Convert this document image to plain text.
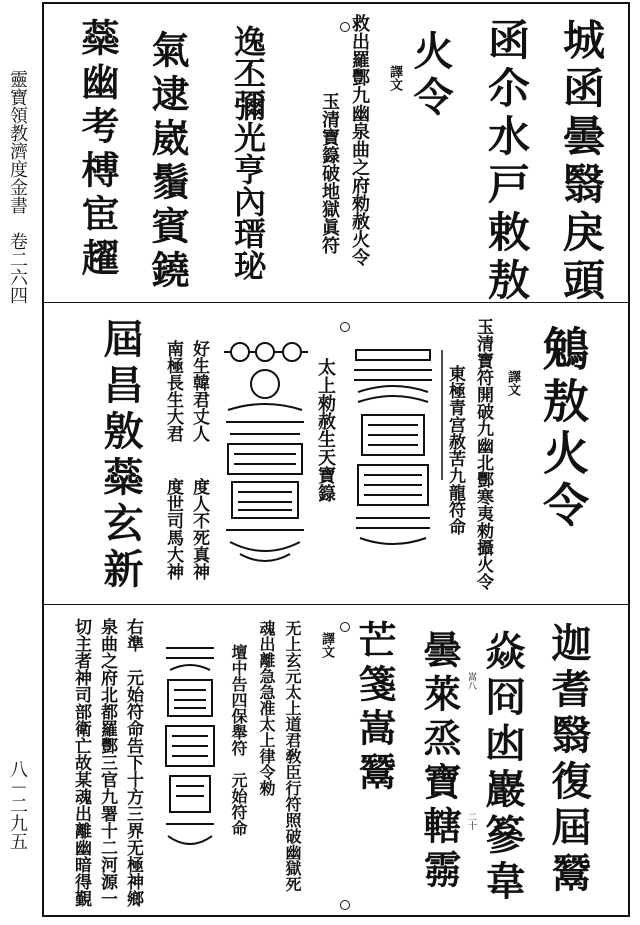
靈寶領教濟度金書　卷二六四
八－二九五
城函曇翳戾頭
函尒水戸敕敖
火令
譯文
救出羅酆九幽泉曲之府勑赦火令
玉清寶籙破地獄眞符
逸丕彌光亨內瑨珌
氣逮崴鬚賓鐃
蘂幽考榑宦趯
鵵敖火令
譯文
玉清寶符開破九幽北酆寒夷勑攝火令
東極青宫赦苦九龍符命
太上勑赦生天寶籙
好生韓君丈人
南極長生大君
度人不死真神
度世司馬大神
屆昌敫蘂玄新
迦耆翳復屆鬵
焱冏凼巖篸韋
曇萊烝寶轄霛
芒箋嵩鬵	嵩八
二十
譯文
无上玄元太上道君敎臣行符照破幽獄死
魂出離急急准太上律令勑
壇中告四保舉符　元始符命
右準　元始符命告下十方三界无極神鄉
泉曲之府北都羅酆三官九署十二河源一
切主者神司部衛亡故某魂出離幽暗得覲
